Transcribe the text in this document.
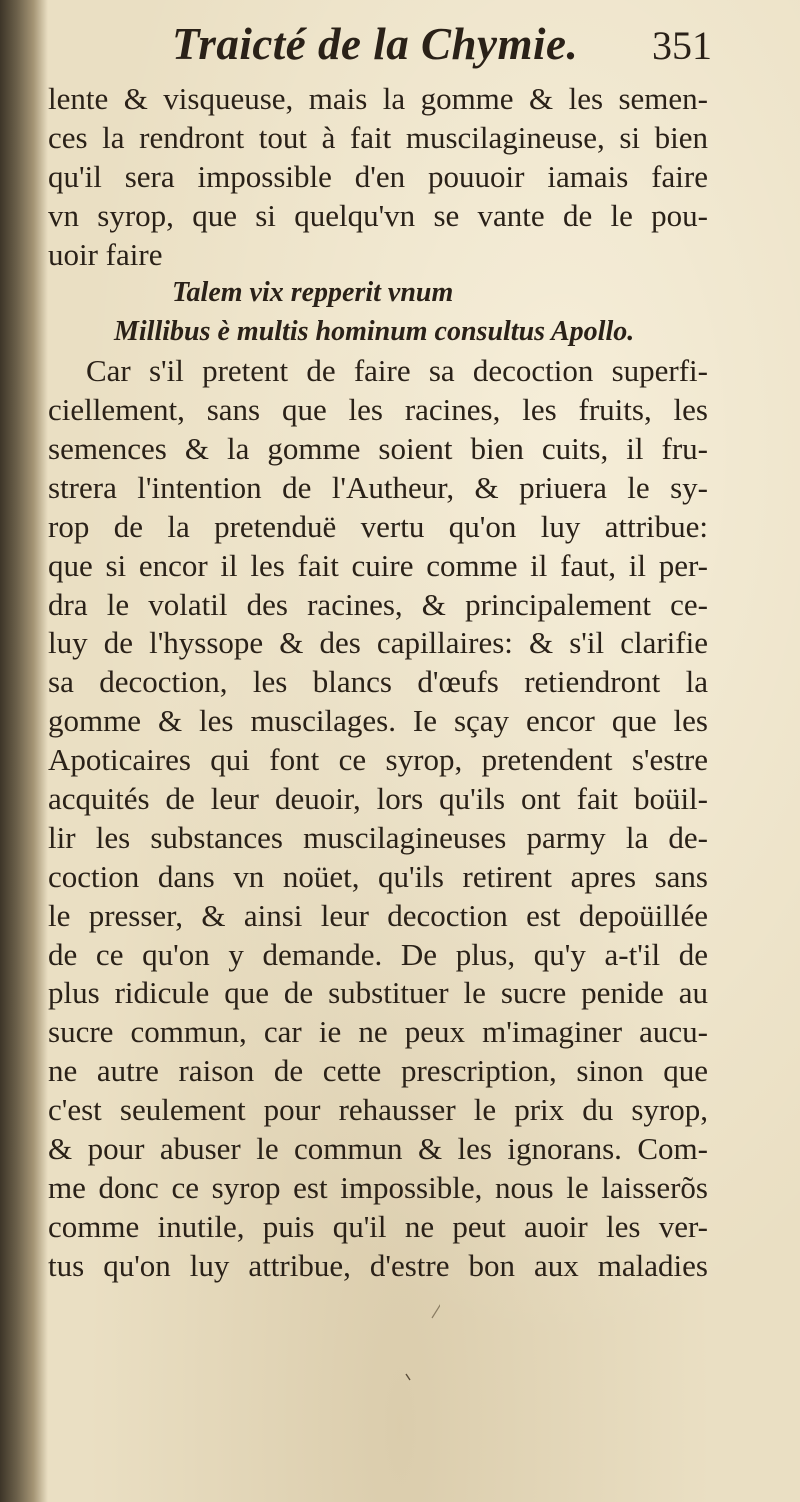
Traicté de la Chymie. 351
lente & visqueuse, mais la gomme & les semen-
ces la rendront tout à fait muscilagineuse, si bien
qu'il sera impossible d'en pouuoir iamais faire
vn syrop, que si quelqu'vn se vante de le pou-
uoir faire
Talem vix repperit vnum
Millibus è multis hominum consultus Apollo.
Car s'il pretent de faire sa decoction superfi-
ciellement, sans que les racines, les fruits, les
semences & la gomme soient bien cuits, il fru-
strera l'intention de l'Autheur, & priuera le sy-
rop de la pretenduë vertu qu'on luy attribue:
que si encor il les fait cuire comme il faut, il per-
dra le volatil des racines, & principalement ce-
luy de l'hyssope & des capillaires: & s'il clarifie
sa decoction, les blancs d'œufs retiendront la
gomme & les muscilages. Ie sçay encor que les
Apoticaires qui font ce syrop, pretendent s'estre
acquités de leur deuoir, lors qu'ils ont fait boüil-
lir les substances muscilagineuses parmy la de-
coction dans vn noüet, qu'ils retirent apres sans
le presser, & ainsi leur decoction est depoüillée
de ce qu'on y demande. De plus, qu'y a-t'il de
plus ridicule que de substituer le sucre penide au
sucre commun, car ie ne peux m'imaginer aucu-
ne autre raison de cette prescription, sinon que
c'est seulement pour rehausser le prix du syrop,
& pour abuser le commun & les ignorans. Com-
me donc ce syrop est impossible, nous le laisserõs
comme inutile, puis qu'il ne peut auoir les ver-
tus qu'on luy attribue, d'estre bon aux maladies
